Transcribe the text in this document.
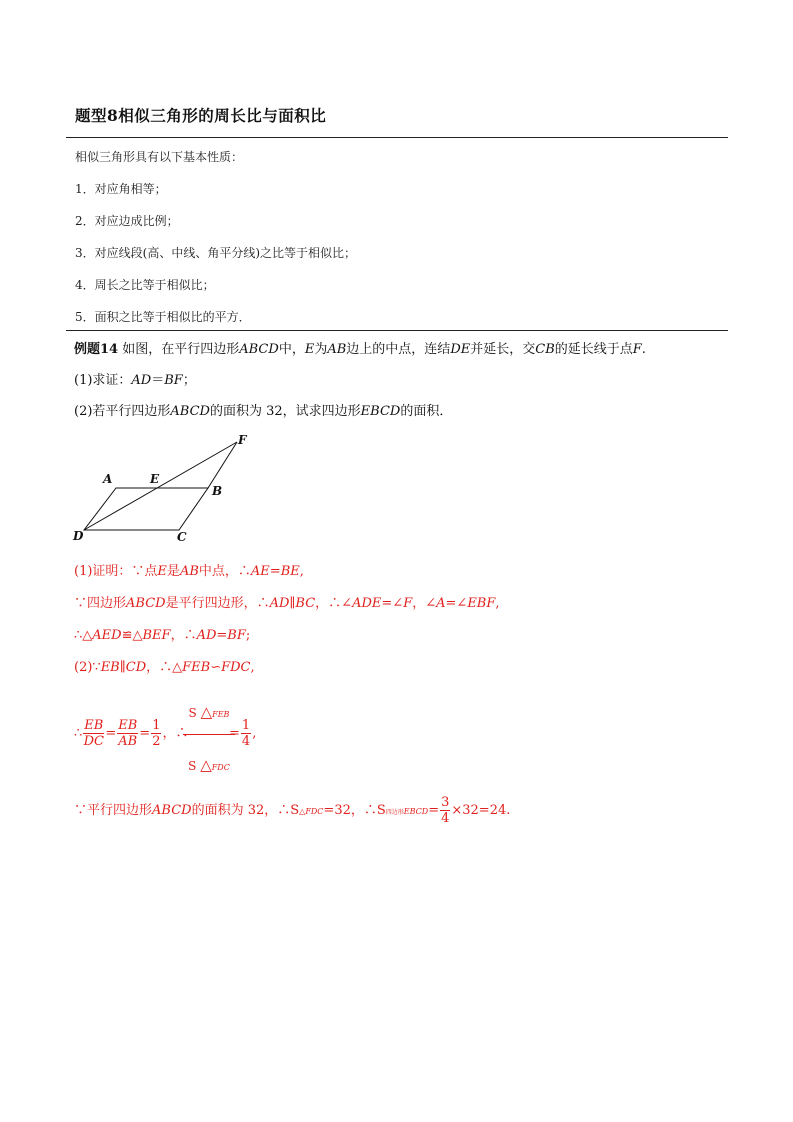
题型8相似三角形的周长比与面积比
相似三角形具有以下基本性质：
1．对应角相等；
2．对应边成比例；
3．对应线段(高、中线、角平分线)之比等于相似比；
4．周长之比等于相似比；
5．面积之比等于相似比的平方．
例题14 如图，在平行四边形ABCD中，E为AB边上的中点，连结DE并延长，交CB的延长线于点F.
(1)求证：AD＝BF；
(2)若平行四边形ABCD的面积为 32，试求四边形EBCD的面积．
A	E
B
F
D	C
(1)证明：∵点E是AB中点，∴AE=BE,
∵四边形ABCD是平行四边形，∴AD∥BC，∴∠ADE=∠F，∠A=∠EBF,
∴△AED≌△BEF，∴AD=BF;
(2)∵EB∥CD，∴△FEB∽FDC,
∴ $\frac{EB}{DC} = \frac{EB}{AB} = \frac{1}{2}$ ，∴
S △FEB
S △FDC
= $\frac{1}{4}$ ,
∵平行四边形ABCD的面积为 32，∴S△FDC=32，∴S四边形EBCD= $\frac{3}{4} \times 32=24$.
